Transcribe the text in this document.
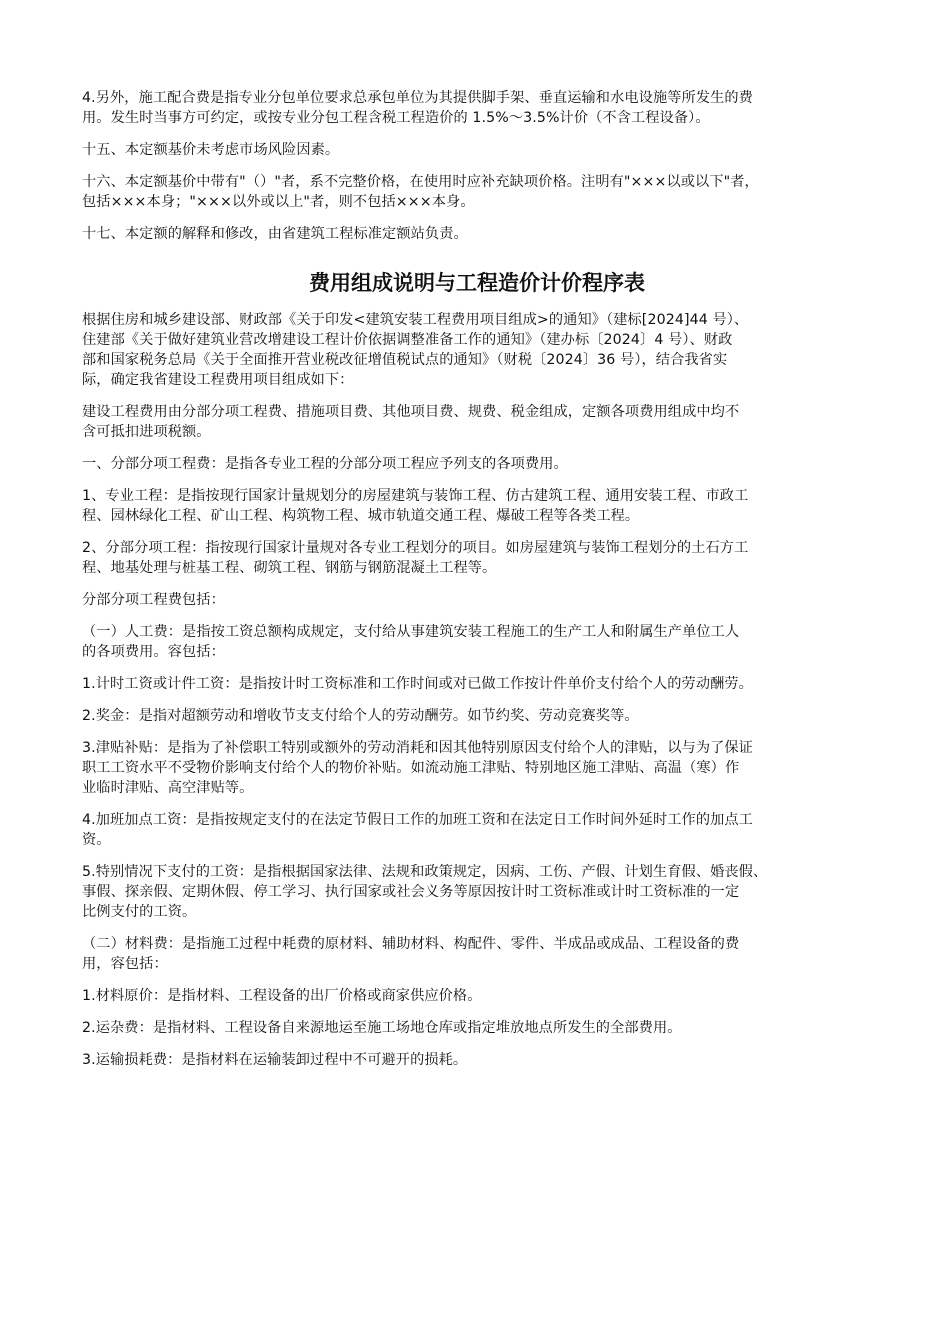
4.另外，施工配合费是指专业分包单位要求总承包单位为其提供脚手架、垂直运输和水电设施等所发生的费
用。发生时当事方可约定，或按专业分包工程含税工程造价的 1.5%～3.5%计价（不含工程设备）。

十五、本定额基价未考虑市场风险因素。

十六、本定额基价中带有"（）"者，系不完整价格，在使用时应补充缺项价格。注明有"×××以或以下"者，
包括×××本身；"×××以外或以上"者，则不包括×××本身。

十七、本定额的解释和修改，由省建筑工程标准定额站负责。

费用组成说明与工程造价计价程序表

根据住房和城乡建设部、财政部《关于印发<建筑安装工程费用项目组成>的通知》（建标[2024]44 号）、
住建部《关于做好建筑业营改增建设工程计价依据调整准备工作的通知》（建办标〔2024〕4 号）、财政
部和国家税务总局《关于全面推开营业税改征增值税试点的通知》（财税〔2024〕36 号），结合我省实
际，确定我省建设工程费用项目组成如下：

建设工程费用由分部分项工程费、措施项目费、其他项目费、规费、税金组成，定额各项费用组成中均不
含可抵扣进项税额。

一、分部分项工程费：是指各专业工程的分部分项工程应予列支的各项费用。

1、专业工程：是指按现行国家计量规划分的房屋建筑与装饰工程、仿古建筑工程、通用安装工程、市政工
程、园林绿化工程、矿山工程、构筑物工程、城市轨道交通工程、爆破工程等各类工程。

2、分部分项工程：指按现行国家计量规对各专业工程划分的项目。如房屋建筑与装饰工程划分的土石方工
程、地基处理与桩基工程、砌筑工程、钢筋与钢筋混凝土工程等。

分部分项工程费包括：

（一）人工费：是指按工资总额构成规定，支付给从事建筑安装工程施工的生产工人和附属生产单位工人
的各项费用。容包括：

1.计时工资或计件工资：是指按计时工资标准和工作时间或对已做工作按计件单价支付给个人的劳动酬劳。

2.奖金：是指对超额劳动和增收节支支付给个人的劳动酬劳。如节约奖、劳动竞赛奖等。

3.津贴补贴：是指为了补偿职工特别或额外的劳动消耗和因其他特别原因支付给个人的津贴，以与为了保证
职工工资水平不受物价影响支付给个人的物价补贴。如流动施工津贴、特别地区施工津贴、高温（寒）作
业临时津贴、高空津贴等。

4.加班加点工资：是指按规定支付的在法定节假日工作的加班工资和在法定日工作时间外延时工作的加点工
资。

5.特别情况下支付的工资：是指根据国家法律、法规和政策规定，因病、工伤、产假、计划生育假、婚丧假、
事假、探亲假、定期休假、停工学习、执行国家或社会义务等原因按计时工资标准或计时工资标准的一定
比例支付的工资。

（二）材料费：是指施工过程中耗费的原材料、辅助材料、构配件、零件、半成品或成品、工程设备的费
用，容包括：

1.材料原价：是指材料、工程设备的出厂价格或商家供应价格。

2.运杂费：是指材料、工程设备自来源地运至施工场地仓库或指定堆放地点所发生的全部费用。

3.运输损耗费：是指材料在运输装卸过程中不可避开的损耗。
